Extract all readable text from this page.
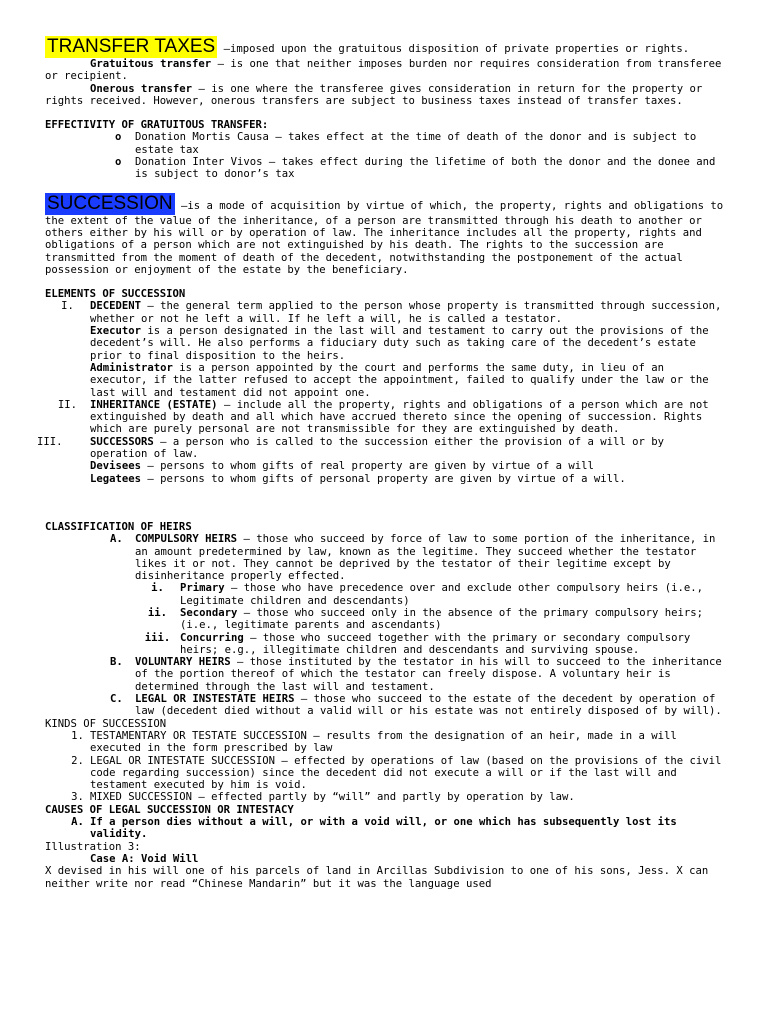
TRANSFER TAXES –imposed upon the gratuitous disposition of private properties or rights.

Gratuitous transfer – is one that neither imposes burden nor requires consideration from transferee or recipient.

Onerous transfer – is one where the transferee gives consideration in return for the property or rights received. However, onerous transfers are subject to business taxes instead of transfer taxes.

EFFECTIVITY OF GRATUITOUS TRANSFER:

o	Donation Mortis Causa – takes effect at the time of death of the donor and is subject to estate tax
o	Donation Inter Vivos – takes effect during the lifetime of both the donor and the donee and is subject to donor’s tax

SUCCESSION –is a mode of acquisition by virtue of which, the property, rights and obligations to the extent of the value of the inheritance, of a person are transmitted through his death to another or others either by his will or by operation of law. The inheritance includes all the property, rights and obligations of a person which are not extinguished by his death. The rights to the succession are transmitted from the moment of death of the decedent, notwithstanding the postponement of the actual possession or enjoyment of the estate by the beneficiary.

ELEMENTS OF SUCCESSION

I.	DECEDENT – the general term applied to the person whose property is transmitted through succession, whether or not he left a will. If he left a will, he is called a testator.
Executor is a person designated in the last will and testament to carry out the provisions of the decedent’s will. He also performs a fiduciary duty such as taking care of the decedent’s estate prior to final disposition to the heirs.
Administrator is a person appointed by the court and performs the same duty, in lieu of an executor, if the latter refused to accept the appointment, failed to qualify under the law or the last will and testament did not appoint one.
II.	INHERITANCE (ESTATE) – include all the property, rights and obligations of a person which are not extinguished by death and all which have accrued thereto since the opening of succession. Rights which are purely personal are not transmissible for they are extinguished by death.
III.	SUCCESSORS – a person who is called to the succession either the provision of a will or by operation of law.
Devisees – persons to whom gifts of real property are given by virtue of a will
Legatees – persons to whom gifts of personal property are given by virtue of a will.

CLASSIFICATION OF HEIRS

A.	COMPULSORY HEIRS – those who succeed by force of law to some portion of the inheritance, in an amount predetermined by law, known as the legitime. They succeed whether the testator likes it or not. They cannot be deprived by the testator of their legitime except by disinheritance properly effected.
i.	Primary – those who have precedence over and exclude other compulsory heirs (i.e., Legitimate children and descendants)
ii.	Secondary – those who succeed only in the absence of the primary compulsory heirs; (i.e., legitimate parents and ascendants)
iii. Concurring – those who succeed together with the primary or secondary compulsory heirs; e.g., illegitimate children and descendants and surviving spouse.
B.	VOLUNTARY HEIRS – those instituted by the testator in his will to succeed to the inheritance of the portion thereof of which the testator can freely dispose. A voluntary heir is determined through the last will and testament.
C.	LEGAL OR INSTESTATE HEIRS – those who succeed to the estate of the decedent by operation of law (decedent died without a valid will or his estate was not entirely disposed of by will).

KINDS OF SUCCESSION

1. TESTAMENTARY OR TESTATE SUCCESSION – results from the designation of an heir, made in a will executed in the form prescribed by law
2. LEGAL OR INTESTATE SUCCESSION – effected by operations of law (based on the provisions of the civil code regarding succession) since the decedent did not execute a will or if the last will and testament executed by him is void.
3. MIXED SUCCESSION – effected partly by “will” and partly by operation by law.

CAUSES OF LEGAL SUCCESSION OR INTESTACY

A. If a person dies without a will, or with a void will, or one which has subsequently lost its validity.

Illustration 3:

Case A: Void Will

X devised in his will one of his parcels of land in Arcillas Subdivision to one of his sons, Jess. X can neither write nor read “Chinese Mandarin” but it was the language used
